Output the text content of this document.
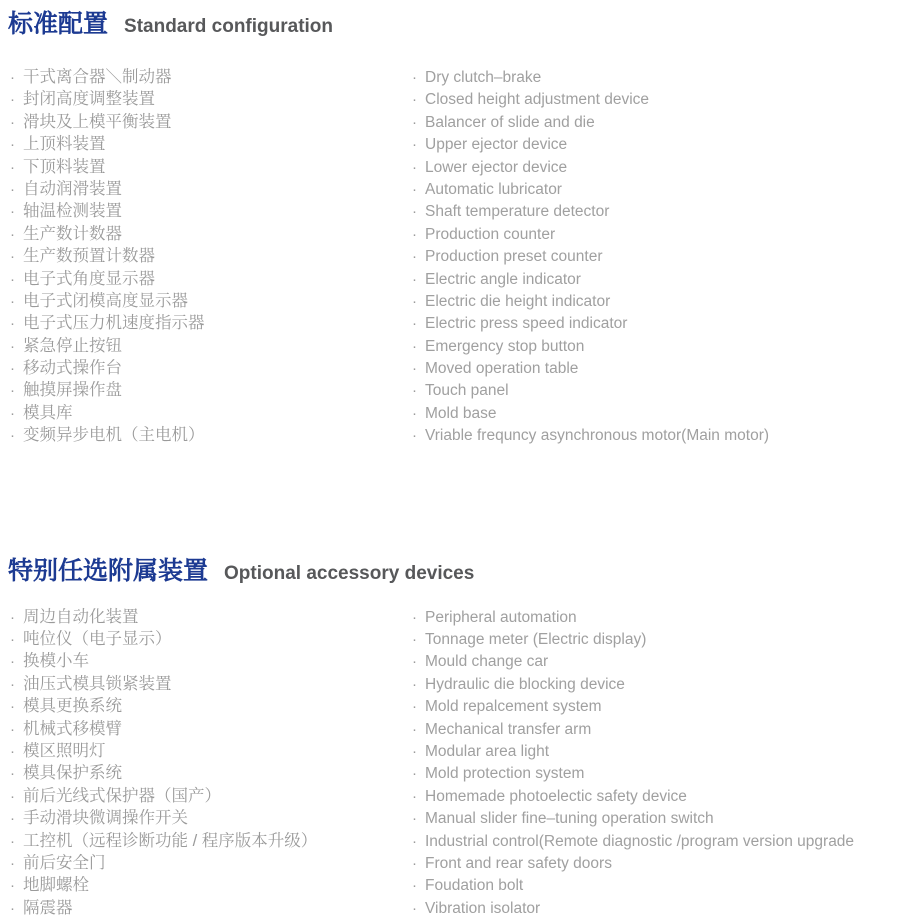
标准配置 Standard configuration
· 干式离合器＼制动器	· Dry clutch–brake
· 封闭高度调整装置	· Closed height adjustment device
· 滑块及上模平衡装置	· Balancer of slide and die
· 上顶料装置	· Upper ejector device
· 下顶料装置	· Lower ejector device
· 自动润滑装置	· Automatic lubricator
· 轴温检测装置	· Shaft temperature detector
· 生产数计数器	· Production counter
· 生产数预置计数器	· Production preset counter
· 电子式角度显示器	· Electric angle indicator
· 电子式闭模高度显示器	· Electric die height indicator
· 电子式压力机速度指示器	· Electric press speed indicator
· 紧急停止按钮	· Emergency stop button
· 移动式操作台	· Moved operation table
· 触摸屏操作盘	· Touch panel
· 模具库	· Mold base
· 变频异步电机（主电机）	· Vriable frequncy asynchronous motor(Main motor)
特别任选附属装置 Optional accessory devices
· 周边自动化装置	· Peripheral automation
· 吨位仪（电子显示）	· Tonnage meter (Electric display)
· 换模小车	· Mould change car
· 油压式模具锁紧装置	· Hydraulic die blocking device
· 模具更换系统	· Mold repalcement system
· 机械式移模臂	· Mechanical transfer arm
· 模区照明灯	· Modular area light
· 模具保护系统	· Mold protection system
· 前后光线式保护器（国产）	· Homemade photoelectic safety device
· 手动滑块微调操作开关	· Manual slider fine–tuning operation switch
· 工控机（远程诊断功能 / 程序版本升级）	· Industrial control(Remote diagnostic /program version upgrade
· 前后安全门	· Front and rear safety doors
· 地脚螺栓	· Foudation bolt
· 隔震器	· Vibration isolator
